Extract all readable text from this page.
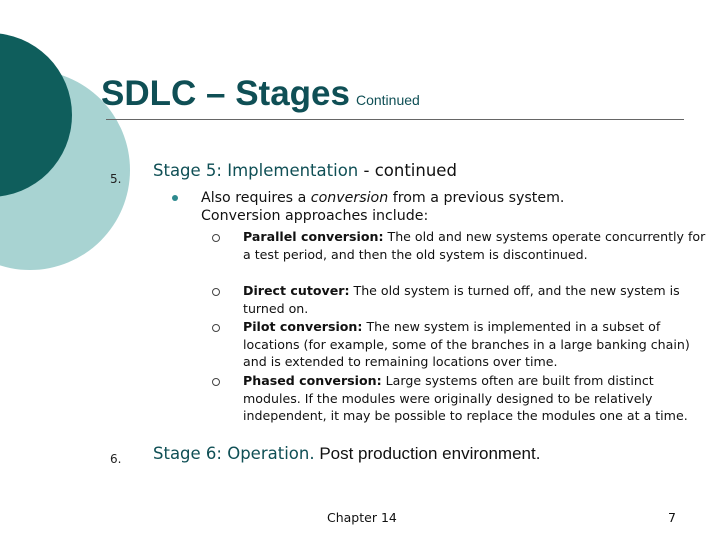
SDLC – Stages Continued
5. Stage 5: Implementation - continued
Also requires a conversion from a previous system.
Conversion approaches include:
Parallel conversion: The old and new systems operate concurrently for a test period, and then the old system is discontinued.
Direct cutover: The old system is turned off, and the new system is turned on.
Pilot conversion: The new system is implemented in a subset of locations (for example, some of the branches in a large banking chain) and is extended to remaining locations over time.
Phased conversion: Large systems often are built from distinct modules. If the modules were originally designed to be relatively independent, it may be possible to replace the modules one at a time.
6. Stage 6: Operation. Post production environment.
Chapter 14	7
